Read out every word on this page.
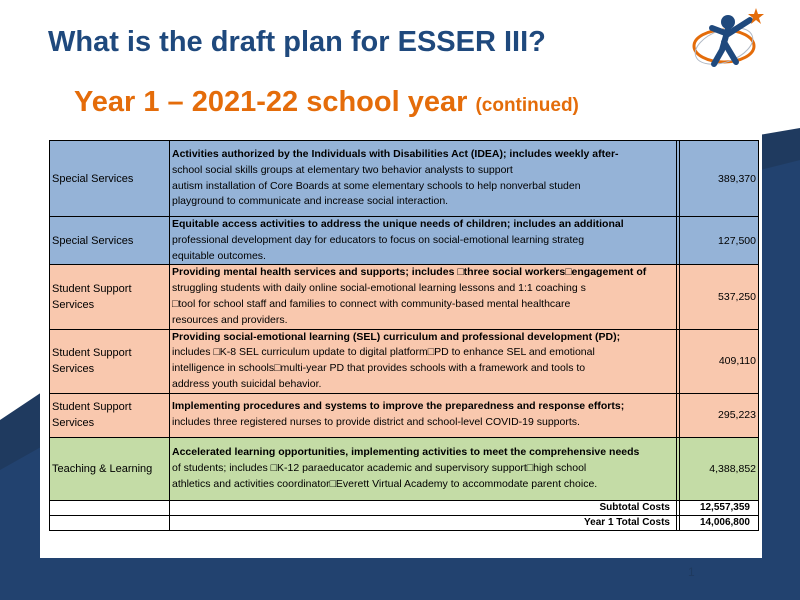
What is the draft plan for ESSER III?
Year 1 – 2021-22 school year (continued)
Special Services	Activities authorized by the Individuals with Disabilities Act (IDEA); includes weekly after-
school social skills groups at elementary two behavior analysts to support
autism installation of Core Boards at some elementary schools to help nonverbal studen
playground to communicate and increase social interaction.		389,370
Special Services	Equitable access activities to address the unique needs of children; includes an additional
professional development day for educators to focus on social-emotional learning strateg
equitable outcomes.		127,500
Student Support Services	Providing mental health services and supports; includes □three social workers□engagement of
struggling students with daily online social-emotional learning lessons and 1:1 coaching s
□tool for school staff and families to connect with community-based mental healthcare
resources and providers.		537,250
Student Support Services	Providing social-emotional learning (SEL) curriculum and professional development (PD);
includes □K-8 SEL curriculum update to digital platform□PD to enhance SEL and emotional
intelligence in schools□multi-year PD that provides schools with a framework and tools to
address youth suicidal behavior.		409,110
Student Support Services	Implementing procedures and systems to improve the preparedness and response efforts;
includes three registered nurses to provide district and school-level COVID-19 supports.		295,223
Teaching & Learning	Accelerated learning opportunities, implementing activities to meet the comprehensive needs
of students; includes □K-12 paraeducator academic and supervisory support□high school
athletics and activities coordinator□Everett Virtual Academy to accommodate parent choice.		4,388,852
	Subtotal Costs		12,557,359
	Year 1 Total Costs		14,006,800
1
